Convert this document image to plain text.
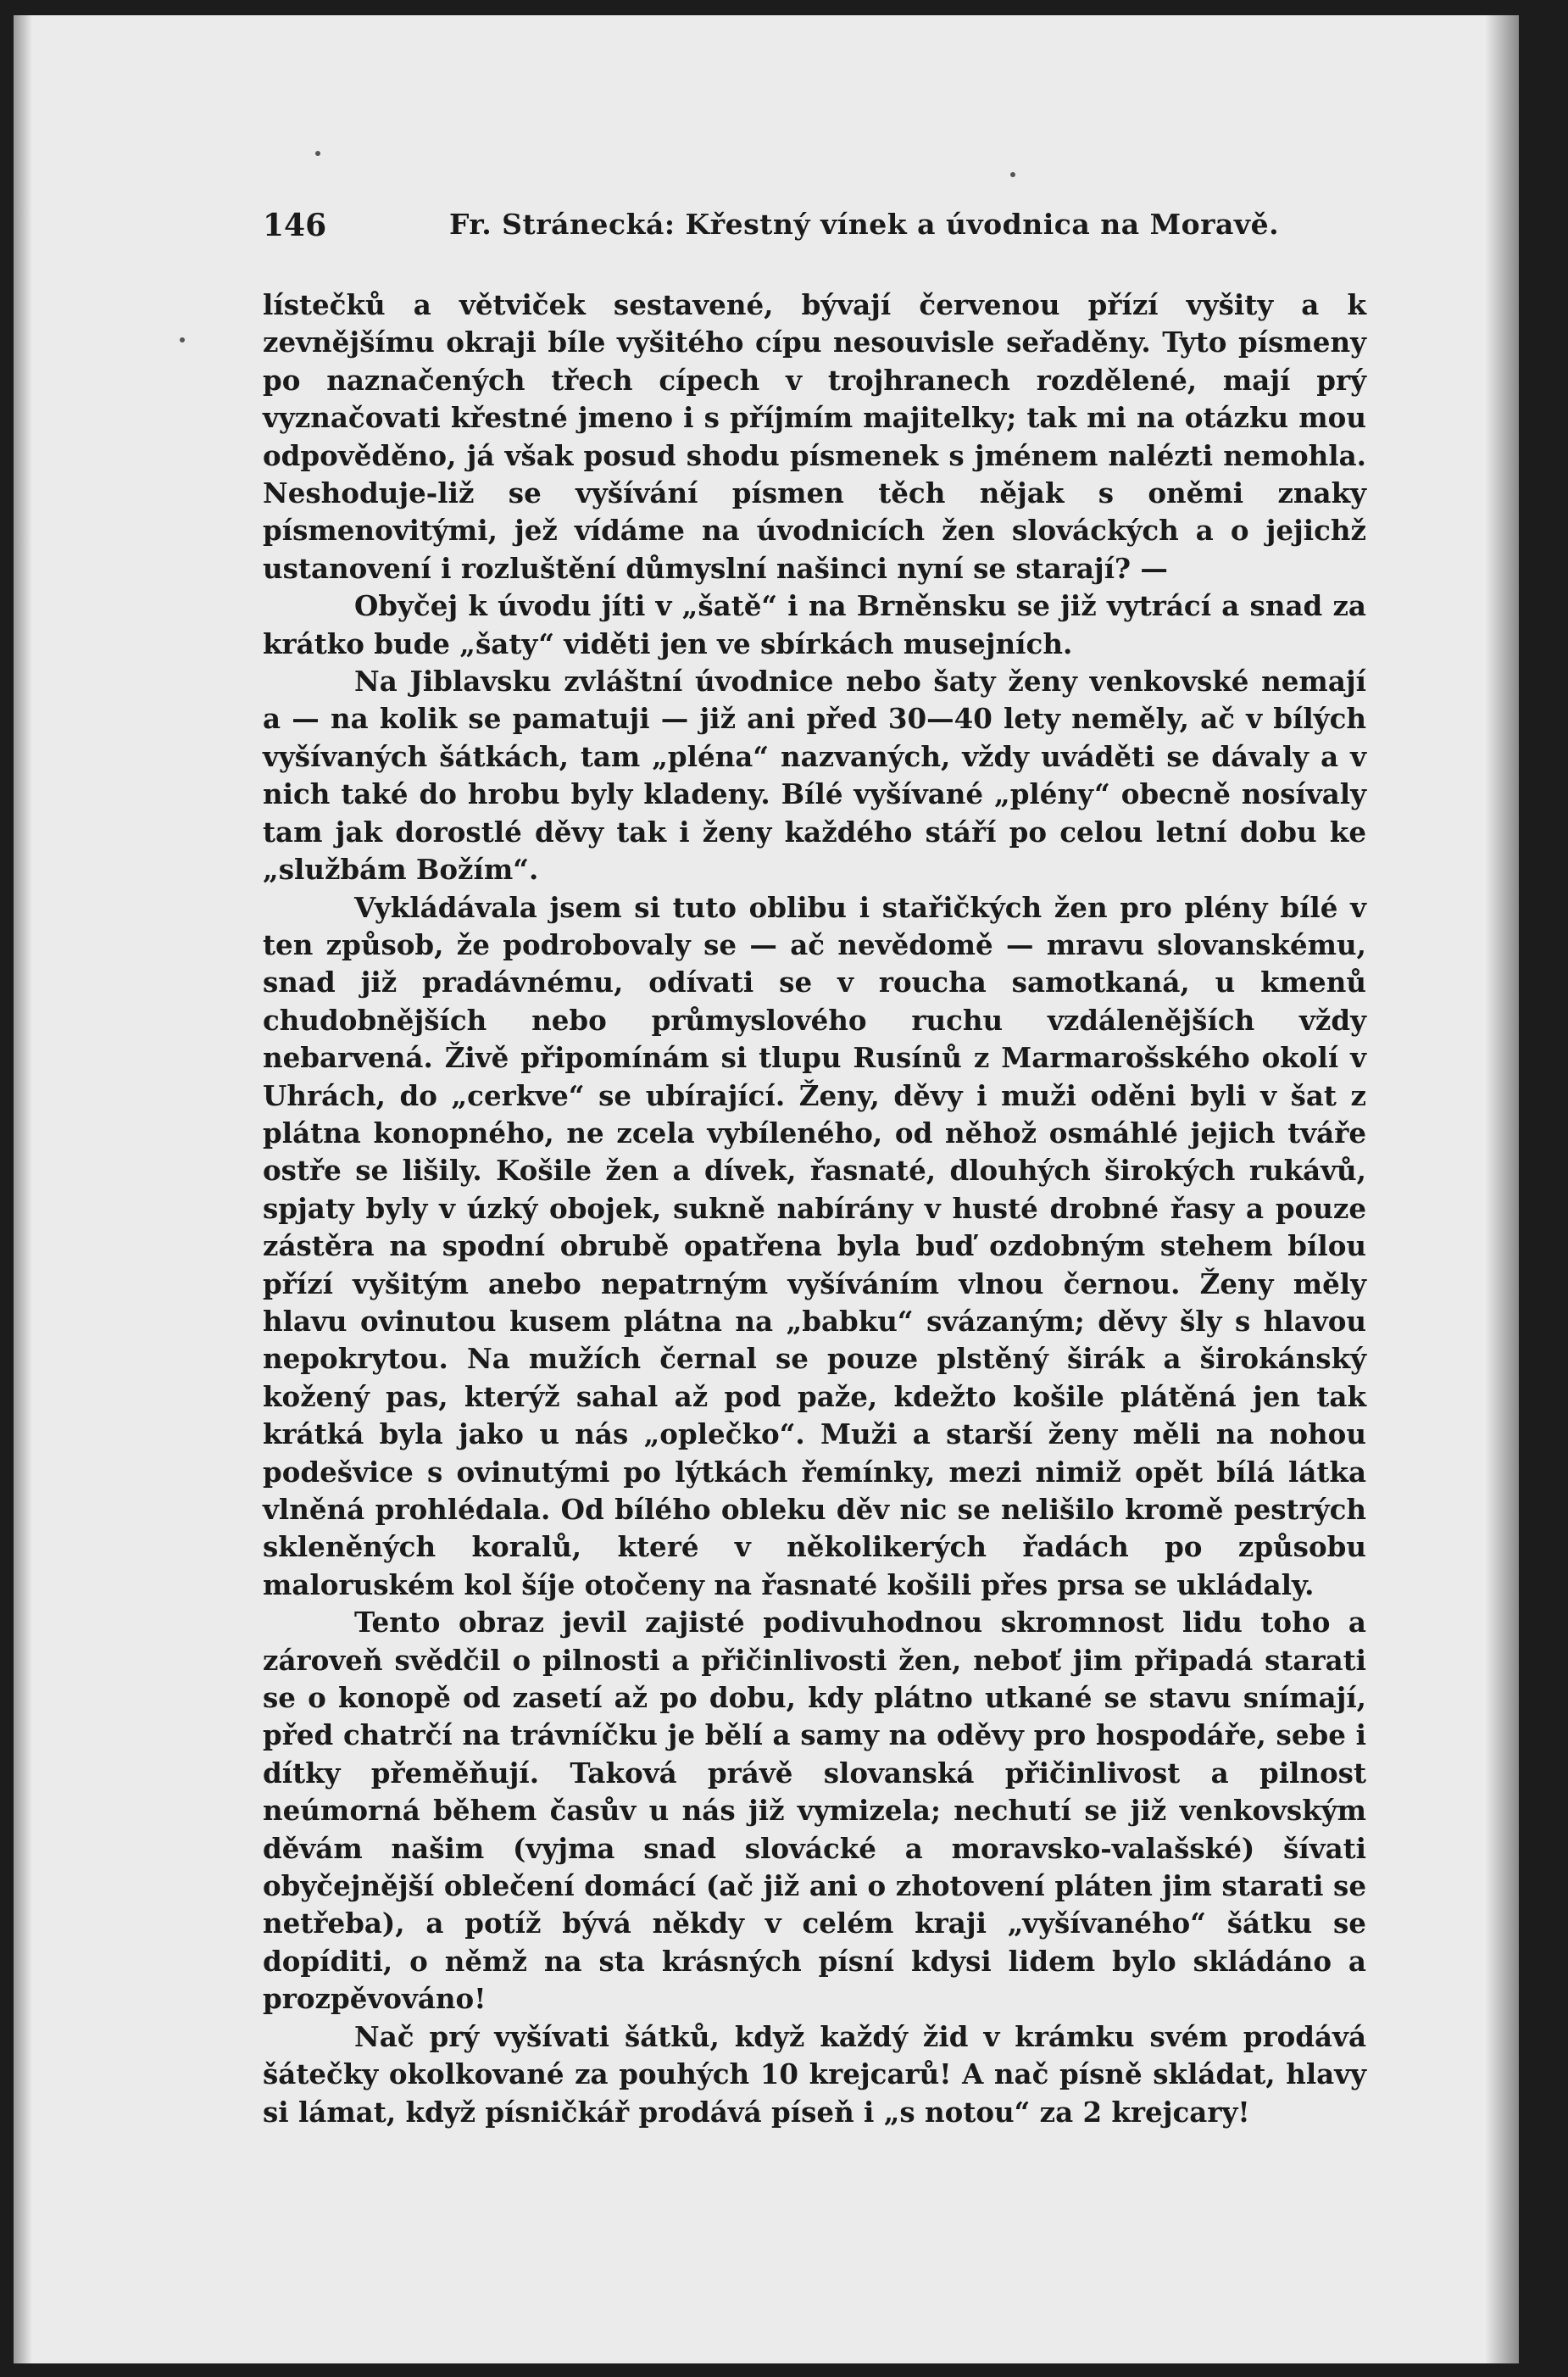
146	Fr. Stránecká: Křestný vínek a úvodnica na Moravě.

lístečků a větviček sestavené, bývají červenou přízí vyšity a k zevnějšímu okraji bíle vyšitého cípu nesouvisle seřaděny. Tyto písmeny po naznačených třech cípech v trojhranech rozdělené, mají prý vyznačovati křestné jmeno i s příjmím majitelky; tak mi na otázku mou odpověděno, já však posud shodu písmenek s jménem nalézti nemohla. Neshoduje-liž se vyšívání písmen těch nějak s oněmi znaky písmenovitými, jež vídáme na úvodnicích žen slováckých a o jejichž ustanovení i rozluštění důmyslní našinci nyní se starají? —

Obyčej k úvodu jíti v „šatě“ i na Brněnsku se již vytrácí a snad za krátko bude „šaty“ viděti jen ve sbírkách musejních.

Na Jiblavsku zvláštní úvodnice nebo šaty ženy venkovské nemají a — na kolik se pamatuji — již ani před 30—40 lety neměly, ač v bílých vyšívaných šátkách, tam „pléna“ nazvaných, vždy uváděti se dávaly a v nich také do hrobu byly kladeny. Bílé vyšívané „plény“ obecně nosívaly tam jak dorostlé děvy tak i ženy každého stáří po celou letní dobu ke „službám Božím“.

Vykládávala jsem si tuto oblibu i stařičkých žen pro plény bílé v ten způsob, že podrobovaly se — ač nevědomě — mravu slovanskému, snad již pradávnému, odívati se v roucha samotkaná, u kmenů chudobnějších nebo průmyslového ruchu vzdálenějších vždy nebarvená. Živě připomínám si tlupu Rusínů z Marmarošského okolí v Uhrách, do „cerkve“ se ubírající. Ženy, děvy i muži oděni byli v šat z plátna konopného, ne zcela vybíleného, od něhož osmáhlé jejich tváře ostře se lišily. Košile žen a dívek, řasnaté, dlouhých širokých rukávů, spjaty byly v úzký obojek, sukně nabírány v husté drobné řasy a pouze zástěra na spodní obrubě opatřena byla buď ozdobným stehem bílou přízí vyšitým anebo nepatrným vyšíváním vlnou černou. Ženy měly hlavu ovinutou kusem plátna na „babku“ svázaným; děvy šly s hlavou nepokrytou. Na mužích černal se pouze plstěný širák a širokánský kožený pas, kterýž sahal až pod paže, kdežto košile plátěná jen tak krátká byla jako u nás „oplečko“. Muži a starší ženy měli na nohou podešvice s ovinutými po lýtkách řemínky, mezi nimiž opět bílá látka vlněná prohlédala. Od bílého obleku děv nic se nelišilo kromě pestrých skleněných koralů, které v několikerých řadách po způsobu maloruském kol šíje otočeny na řasnaté košili přes prsa se ukládaly.

Tento obraz jevil zajisté podivuhodnou skromnost lidu toho a zároveň svědčil o pilnosti a přičinlivosti žen, neboť jim připadá starati se o konopě od zasetí až po dobu, kdy plátno utkané se stavu snímají, před chatrčí na trávníčku je bělí a samy na oděvy pro hospodáře, sebe i dítky přeměňují. Taková právě slovanská přičinlivost a pilnost neúmorná během časův u nás již vymizela; nechutí se již venkovským děvám našim (vyjma snad slovácké a moravsko-valašské) šívati obyčejnější oblečení domácí (ač již ani o zhotovení pláten jim starati se netřeba), a potíž bývá někdy v celém kraji „vyšívaného“ šátku se dopíditi, o němž na sta krásných písní kdysi lidem bylo skládáno a prozpěvováno!

Nač prý vyšívati šátků, když každý žid v krámku svém prodává šátečky okolkované za pouhých 10 krejcarů! A nač písně skládat, hlavy si lámat, když písničkář prodává píseň i „s notou“ za 2 krejcary!
